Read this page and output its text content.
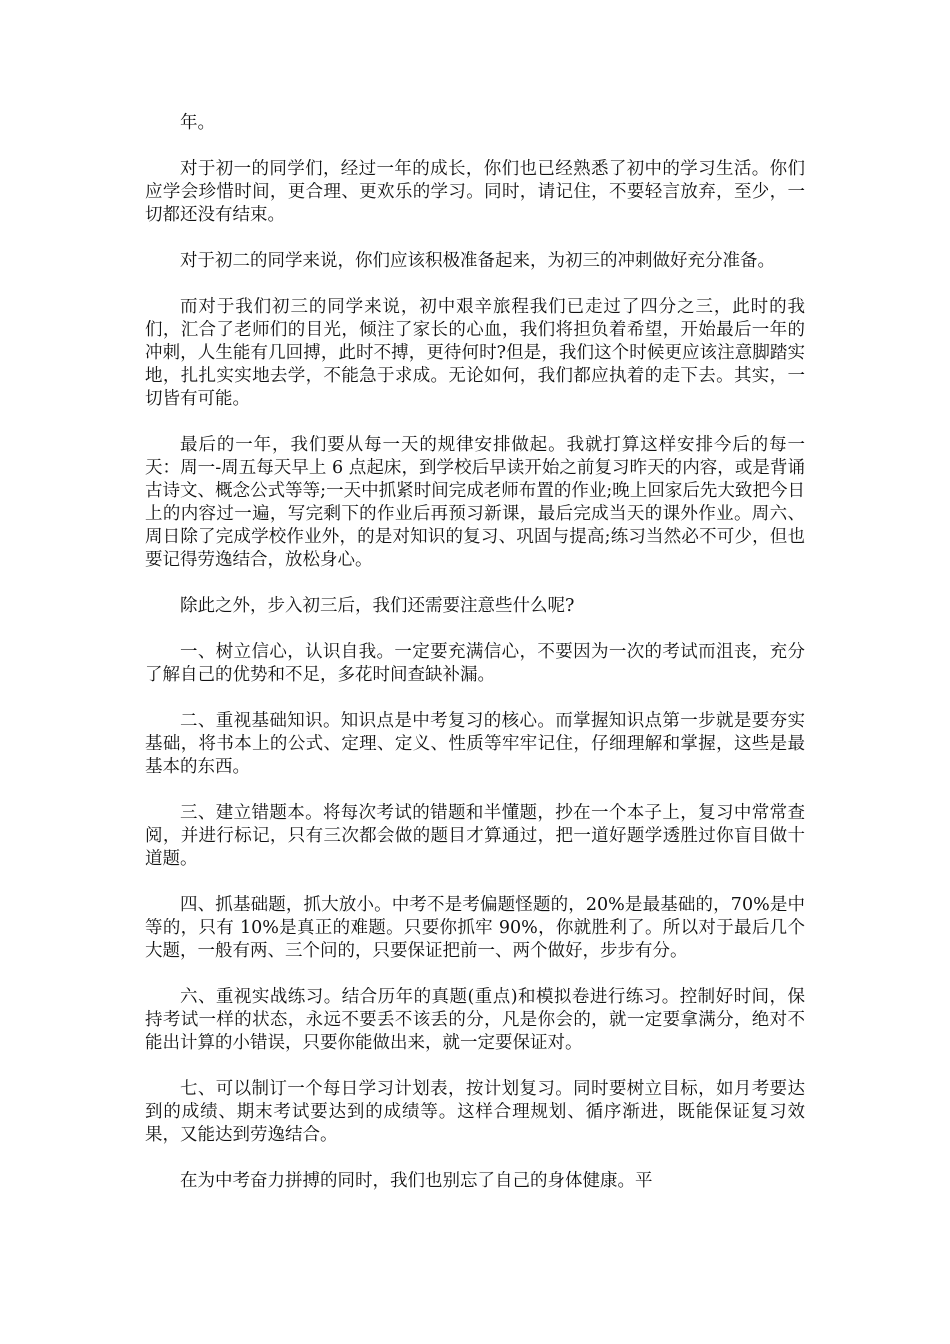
年。

对于初一的同学们，经过一年的成长，你们也已经熟悉了初中的学习生活。你们应学会珍惜时间，更合理、更欢乐的学习。同时，请记住，不要轻言放弃，至少，一切都还没有结束。

对于初二的同学来说，你们应该积极准备起来，为初三的冲刺做好充分准备。

而对于我们初三的同学来说，初中艰辛旅程我们已走过了四分之三，此时的我们，汇合了老师们的目光，倾注了家长的心血，我们将担负着希望，开始最后一年的冲刺，人生能有几回搏，此时不搏，更待何时?但是，我们这个时候更应该注意脚踏实地，扎扎实实地去学，不能急于求成。无论如何，我们都应执着的走下去。其实，一切皆有可能。

最后的一年，我们要从每一天的规律安排做起。我就打算这样安排今后的每一天：周一-周五每天早上 6 点起床，到学校后早读开始之前复习昨天的内容，或是背诵古诗文、概念公式等等;一天中抓紧时间完成老师布置的作业;晚上回家后先大致把今日上的内容过一遍，写完剩下的作业后再预习新课，最后完成当天的课外作业。周六、周日除了完成学校作业外，的是对知识的复习、巩固与提高;练习当然必不可少，但也要记得劳逸结合，放松身心。

除此之外，步入初三后，我们还需要注意些什么呢?

一、树立信心，认识自我。一定要充满信心，不要因为一次的考试而沮丧，充分了解自己的优势和不足，多花时间查缺补漏。

二、重视基础知识。知识点是中考复习的核心。而掌握知识点第一步就是要夯实基础，将书本上的公式、定理、定义、性质等牢牢记住，仔细理解和掌握，这些是最基本的东西。

三、建立错题本。将每次考试的错题和半懂题，抄在一个本子上，复习中常常查阅，并进行标记，只有三次都会做的题目才算通过，把一道好题学透胜过你盲目做十道题。

四、抓基础题，抓大放小。中考不是考偏题怪题的，20%是最基础的，70%是中等的，只有 10%是真正的难题。只要你抓牢 90%，你就胜利了。所以对于最后几个大题，一般有两、三个问的，只要保证把前一、两个做好，步步有分。

六、重视实战练习。结合历年的真题(重点)和模拟卷进行练习。控制好时间，保持考试一样的状态，永远不要丢不该丢的分，凡是你会的，就一定要拿满分，绝对不能出计算的小错误，只要你能做出来，就一定要保证对。

七、可以制订一个每日学习计划表，按计划复习。同时要树立目标，如月考要达到的成绩、期末考试要达到的成绩等。这样合理规划、循序渐进，既能保证复习效果，又能达到劳逸结合。

在为中考奋力拼搏的同时，我们也别忘了自己的身体健康。平
